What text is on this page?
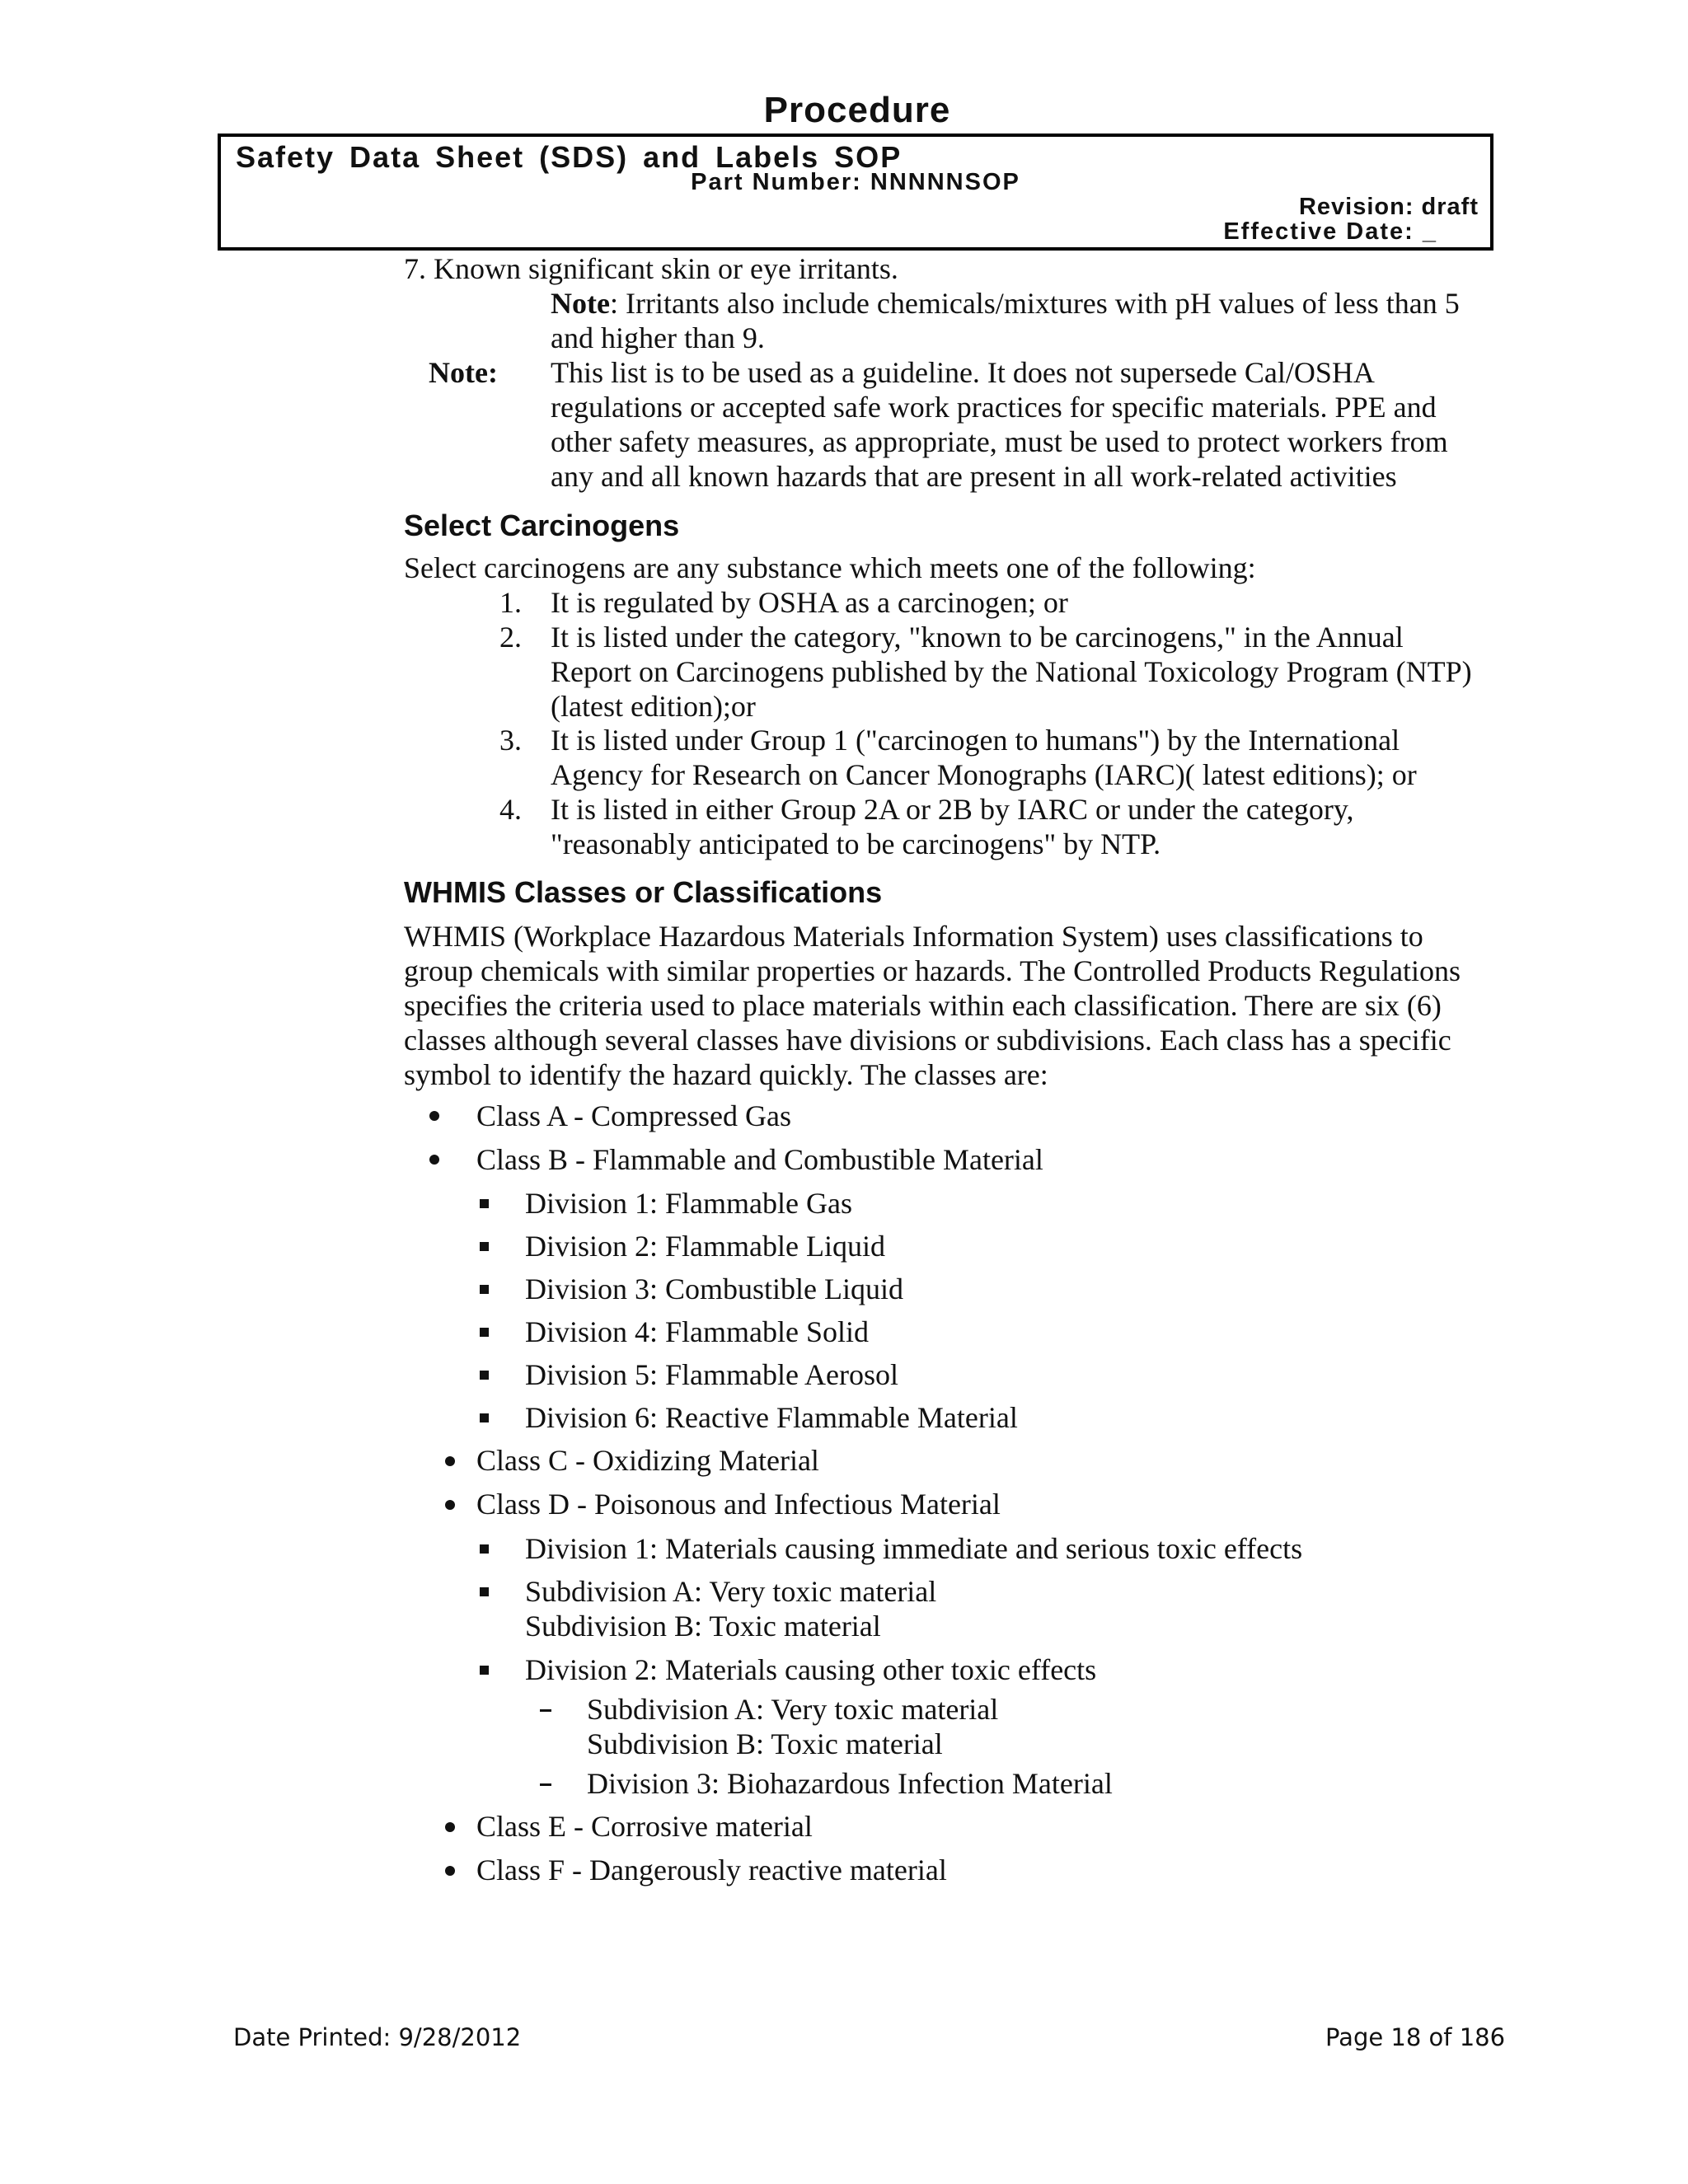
Procedure
Safety Data Sheet (SDS) and Labels SOP
Part Number: NNNNNSOP
Revision: draft
Effective Date: _
7. Known significant skin or eye irritants.
Note: Irritants also include chemicals/mixtures with pH values of less than 5 and higher than 9.
Note: This list is to be used as a guideline. It does not supersede Cal/OSHA regulations or accepted safe work practices for specific materials. PPE and other safety measures, as appropriate, must be used to protect workers from any and all known hazards that are present in all work-related activities
Select Carcinogens
Select carcinogens are any substance which meets one of the following:
1. It is regulated by OSHA as a carcinogen; or
2. It is listed under the category, "known to be carcinogens," in the Annual Report on Carcinogens published by the National Toxicology Program (NTP) (latest edition);or
3. It is listed under Group 1 ("carcinogen to humans") by the International Agency for Research on Cancer Monographs (IARC)( latest editions); or
4. It is listed in either Group 2A or 2B by IARC or under the category, "reasonably anticipated to be carcinogens" by NTP.
WHMIS Classes or Classifications
WHMIS (Workplace Hazardous Materials Information System) uses classifications to group chemicals with similar properties or hazards. The Controlled Products Regulations specifies the criteria used to place materials within each classification. There are six (6) classes although several classes have divisions or subdivisions. Each class has a specific symbol to identify the hazard quickly. The classes are:
Class A - Compressed Gas
Class B - Flammable and Combustible Material
Division 1: Flammable Gas
Division 2: Flammable Liquid
Division 3: Combustible Liquid
Division 4: Flammable Solid
Division 5: Flammable Aerosol
Division 6: Reactive Flammable Material
Class C - Oxidizing Material
Class D - Poisonous and Infectious Material
Division 1: Materials causing immediate and serious toxic effects
Subdivision A: Very toxic material
Subdivision B: Toxic material
Division 2: Materials causing other toxic effects
Subdivision A: Very toxic material
Subdivision B: Toxic material
Division 3: Biohazardous Infection Material
Class E - Corrosive material
Class F - Dangerously reactive material
Date Printed: 9/28/2012	Page 18 of 186
